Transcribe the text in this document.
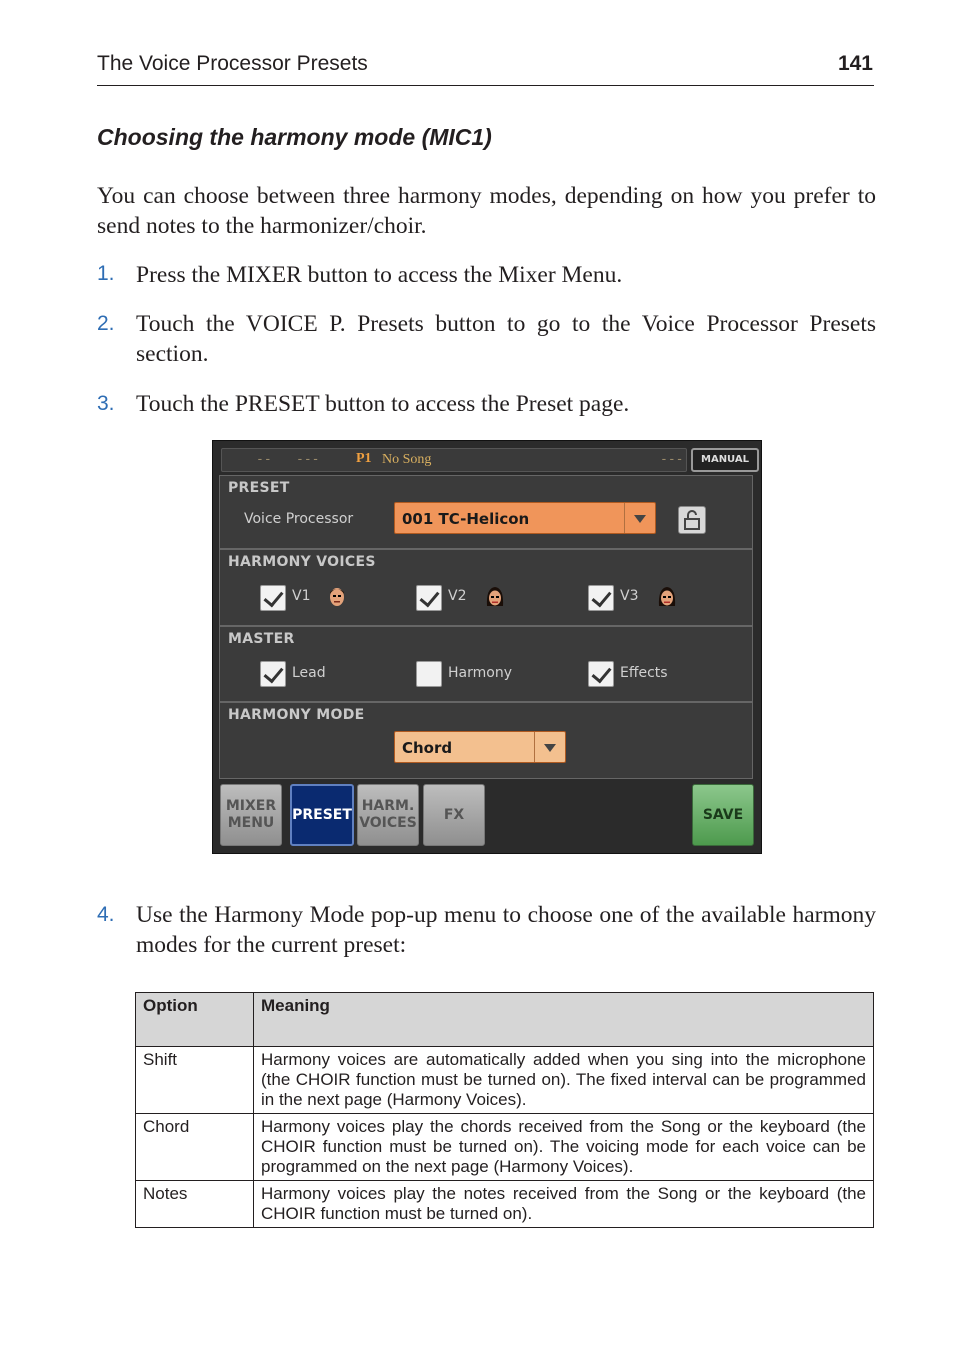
The Voice Processor Presets	141
Choosing the harmony mode (MIC1)
You can choose between three harmony modes, depending on how you prefer to send notes to the harmonizer/choir.
1. Press the MIXER button to access the Mixer Menu.
2. Touch the VOICE P. Presets button to go to the Voice Processor Presets section.
3. Touch the PRESET button to access the Preset page.
-- ---	P1 No Song	---	MANUAL
PRESET
Voice Processor	001 TC-Helicon
HARMONY VOICES
V1	V2	V3
MASTER
Lead	Harmony	Effects
HARMONY MODE
Chord
MIXER
MENU
PRESET
HARM.
VOICES
FX	SAVE
4. Use the Harmony Mode pop-up menu to choose one of the available harmony modes for the current preset:
Option	Meaning
Shift	Harmony voices are automatically added when you sing into the microphone (the CHOIR function must be turned on). The fixed interval can be programmed in the next page (Harmony Voices).
Chord	Harmony voices play the chords received from the Song or the keyboard (the CHOIR function must be turned on). The voicing mode for each voice can be programmed on the next page (Harmony Voices).
Notes	Harmony voices play the notes received from the Song or the keyboard (the CHOIR function must be turned on).
